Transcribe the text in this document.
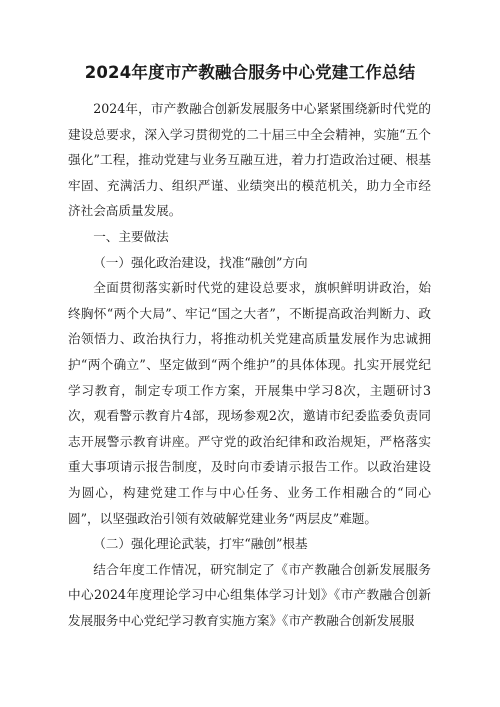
2024年度市产教融合服务中心党建工作总结

2024年，市产教融合创新发展服务中心紧紧围绕新时代党的建设总要求，深入学习贯彻党的二十届三中全会精神，实施“五个强化”工程，推动党建与业务互融互进，着力打造政治过硬、根基牢固、充满活力、组织严谨、业绩突出的模范机关，助力全市经济社会高质量发展。

一、主要做法

（一）强化政治建设，找准“融创”方向

全面贯彻落实新时代党的建设总要求，旗帜鲜明讲政治，始终胸怀“两个大局”、牢记“国之大者”，不断提高政治判断力、政治领悟力、政治执行力，将推动机关党建高质量发展作为忠诚拥护“两个确立”、坚定做到“两个维护”的具体体现。扎实开展党纪学习教育，制定专项工作方案，开展集中学习8次，主题研讨3次，观看警示教育片4部，现场参观2次，邀请市纪委监委负责同志开展警示教育讲座。严守党的政治纪律和政治规矩，严格落实重大事项请示报告制度，及时向市委请示报告工作。以政治建设为圆心，构建党建工作与中心任务、业务工作相融合的“同心圆”，以坚强政治引领有效破解党建业务“两层皮”难题。

（二）强化理论武装，打牢“融创”根基

结合年度工作情况，研究制定了《市产教融合创新发展服务中心2024年度理论学习中心组集体学习计划》《市产教融合创新发展服务中心党纪学习教育实施方案》《市产教融合创新发展服
